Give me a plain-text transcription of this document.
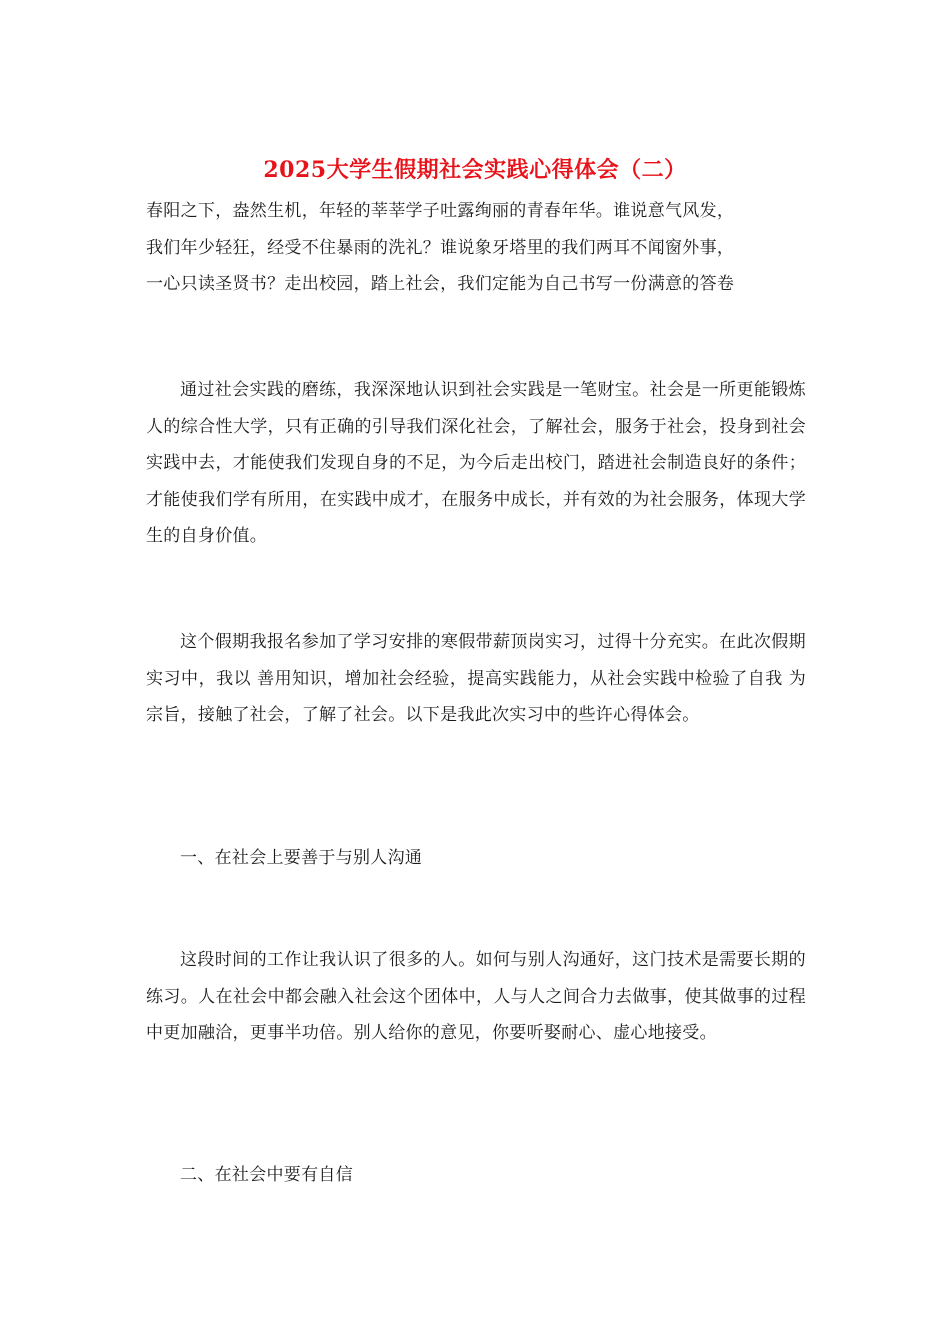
2025大学生假期社会实践心得体会（二）

春阳之下，盎然生机，年轻的莘莘学子吐露绚丽的青春年华。谁说意气风发，

我们年少轻狂，经受不住暴雨的洗礼？谁说象牙塔里的我们两耳不闻窗外事，

一心只读圣贤书？走出校园，踏上社会，我们定能为自己书写一份满意的答卷

通过社会实践的磨练，我深深地认识到社会实践是一笔财宝。社会是一所更能锻炼人的综合性大学，只有正确的引导我们深化社会，了解社会，服务于社会，投身到社会实践中去，才能使我们发现自身的不足，为今后走出校门，踏进社会制造良好的条件；才能使我们学有所用，在实践中成才，在服务中成长，并有效的为社会服务，体现大学生的自身价值。

这个假期我报名参加了学习安排的寒假带薪顶岗实习，过得十分充实。在此次假期实习中，我以 善用知识，增加社会经验，提高实践能力，从社会实践中检验了自我 为宗旨，接触了社会，了解了社会。以下是我此次实习中的些许心得体会。

一、在社会上要善于与别人沟通

这段时间的工作让我认识了很多的人。如何与别人沟通好，这门技术是需要长期的练习。人在社会中都会融入社会这个团体中，人与人之间合力去做事，使其做事的过程中更加融洽，更事半功倍。别人给你的意见，你要听娶耐心、虚心地接受。

二、在社会中要有自信
